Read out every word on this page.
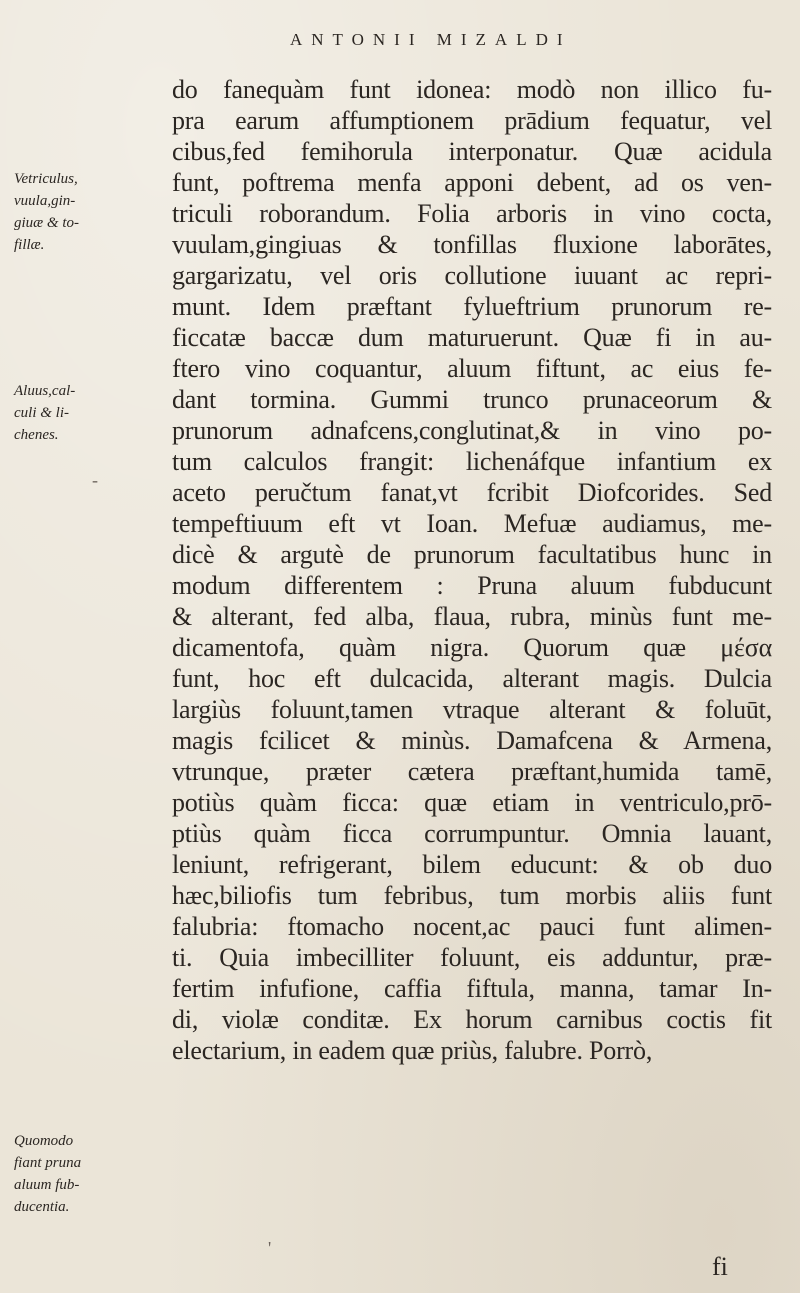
ANTONII MIZALDI
do fanequàm funt idonea: modò non illico fu-
pra earum affumptionem prādium fequatur, vel
cibus,fed femihorula interponatur. Quæ acidula
funt, poftrema menfa apponi debent, ad os ven-
triculi roborandum. Folia arboris in vino cocta,
vuulam,gingiuas & tonfillas fluxione laborātes,
gargarizatu, vel oris collutione iuuant ac repri-
munt. Idem præftant fylueftrium prunorum re-
ficcatæ baccæ dum maturuerunt. Quæ fi in au-
ftero vino coquantur, aluum fiftunt, ac eius fe-
dant tormina. Gummi trunco prunaceorum &
prunorum adnafcens,conglutinat,& in vino po-
tum calculos frangit: lichenáfque infantium ex
aceto peručtum fanat,vt fcribit Diofcorides. Sed
tempeftiuum eft vt Ioan. Mefuæ audiamus, me-
dicè & argutè de prunorum facultatibus hunc in
modum differentem : Pruna aluum fubducunt
& alterant, fed alba, flaua, rubra, minùs funt me-
dicamentofa, quàm nigra. Quorum quæ μέσα
funt, hoc eft dulcacida, alterant magis. Dulcia
largiùs foluunt,tamen vtraque alterant & foluūt,
magis fcilicet & minùs. Damafcena & Armena,
vtrunque, præter cætera præftant,humida tamē,
potiùs quàm ficca: quæ etiam in ventriculo,prō-
ptiùs quàm ficca corrumpuntur. Omnia lauant,
leniunt, refrigerant, bilem educunt: & ob duo
hæc,biliofis tum febribus, tum morbis aliis funt
falubria: ftomacho nocent,ac pauci funt alimen-
ti. Quia imbecilliter foluunt, eis adduntur, præ-
fertim infufione, caffia fiftula, manna, tamar In-
di, violæ conditæ. Ex horum carnibus coctis fit
electarium, in eadem quæ priùs, falubre. Porrò,
Vetriculus,
vuula,gin-
giuæ & to-
fillæ.
Aluus,cal-
culi & li-
chenes.
Quomodo
fiant pruna
aluum fub-
ducentia.
fi
-
'
